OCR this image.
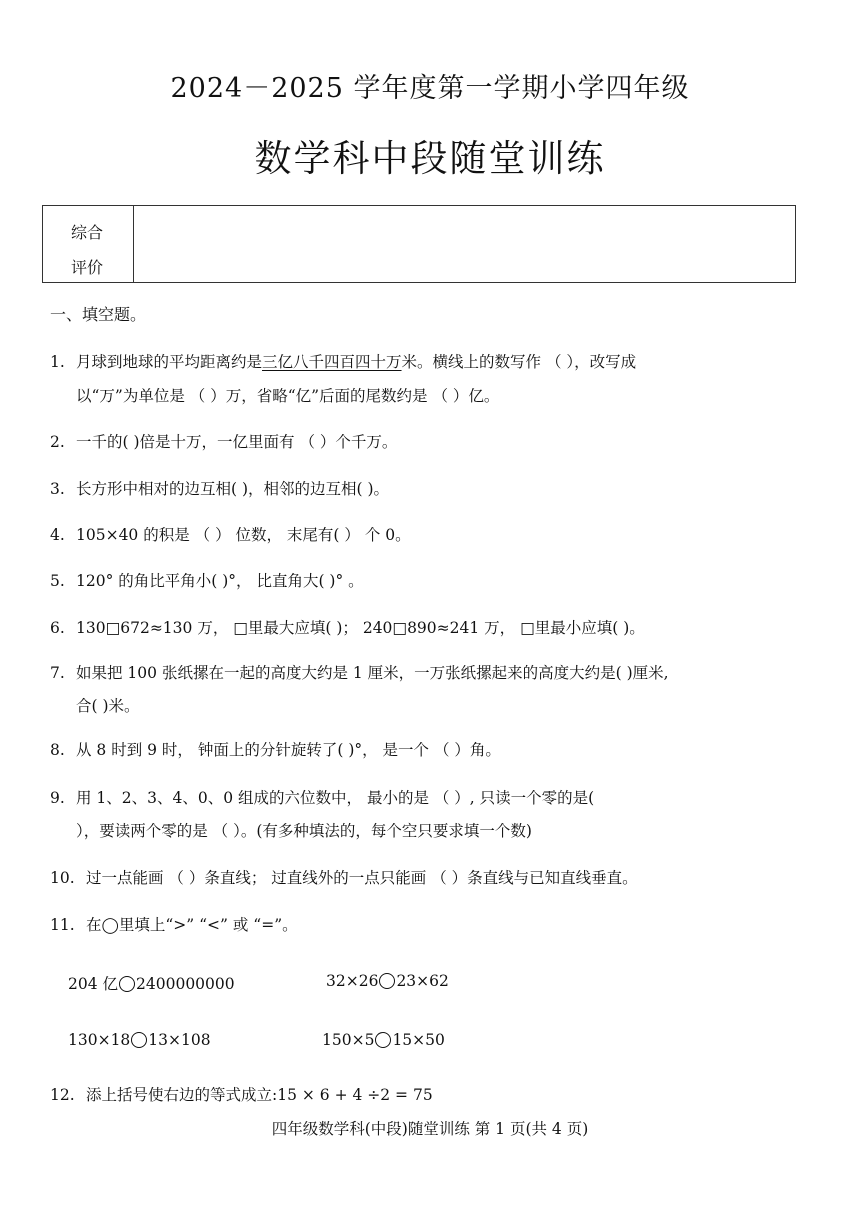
2024－2025 学年度第一学期小学四年级
数学科中段随堂训练
综合
评价
一、填空题。
1. 月球到地球的平均距离约是三亿八千四百四十万米。横线上的数写作 （ ），改写成
以“万”为单位是 （ ）万，省略“亿”后面的尾数约是 （ ）亿。
2. 一千的( )倍是十万，一亿里面有 （ ）个千万。
3. 长方形中相对的边互相( )，相邻的边互相( )。
4. 105×40 的积是 （ ） 位数， 末尾有( ） 个 0。
5. 120° 的角比平角小( )°， 比直角大( )° 。
6. 130□672≈130 万， □里最大应填( )； 240□890≈241 万， □里最小应填( )。
7. 如果把 100 张纸摞在一起的高度大约是 1 厘米，一万张纸摞起来的高度大约是( )厘米,
合( )米。
8. 从 8 时到 9 时， 钟面上的分针旋转了( )°， 是一个 （ ）角。
9. 用 1、2、3、4、0、0 组成的六位数中， 最小的是 （ ）, 只读一个零的是(
），要读两个零的是 （ ）。(有多种填法的，每个空只要求填一个数)
10. 过一点能画 （ ）条直线； 过直线外的一点只能画 （ ）条直线与已知直线垂直。
11. 在◯里填上“>” “<” 或 “=”。
204 亿 2400000000	32×26 23×62
130×18 13×108	150×5 15×50
12. 添上括号使右边的等式成立:15 × 6 + 4 ÷2 = 75
四年级数学科(中段)随堂训练 第 1 页(共 4 页)
